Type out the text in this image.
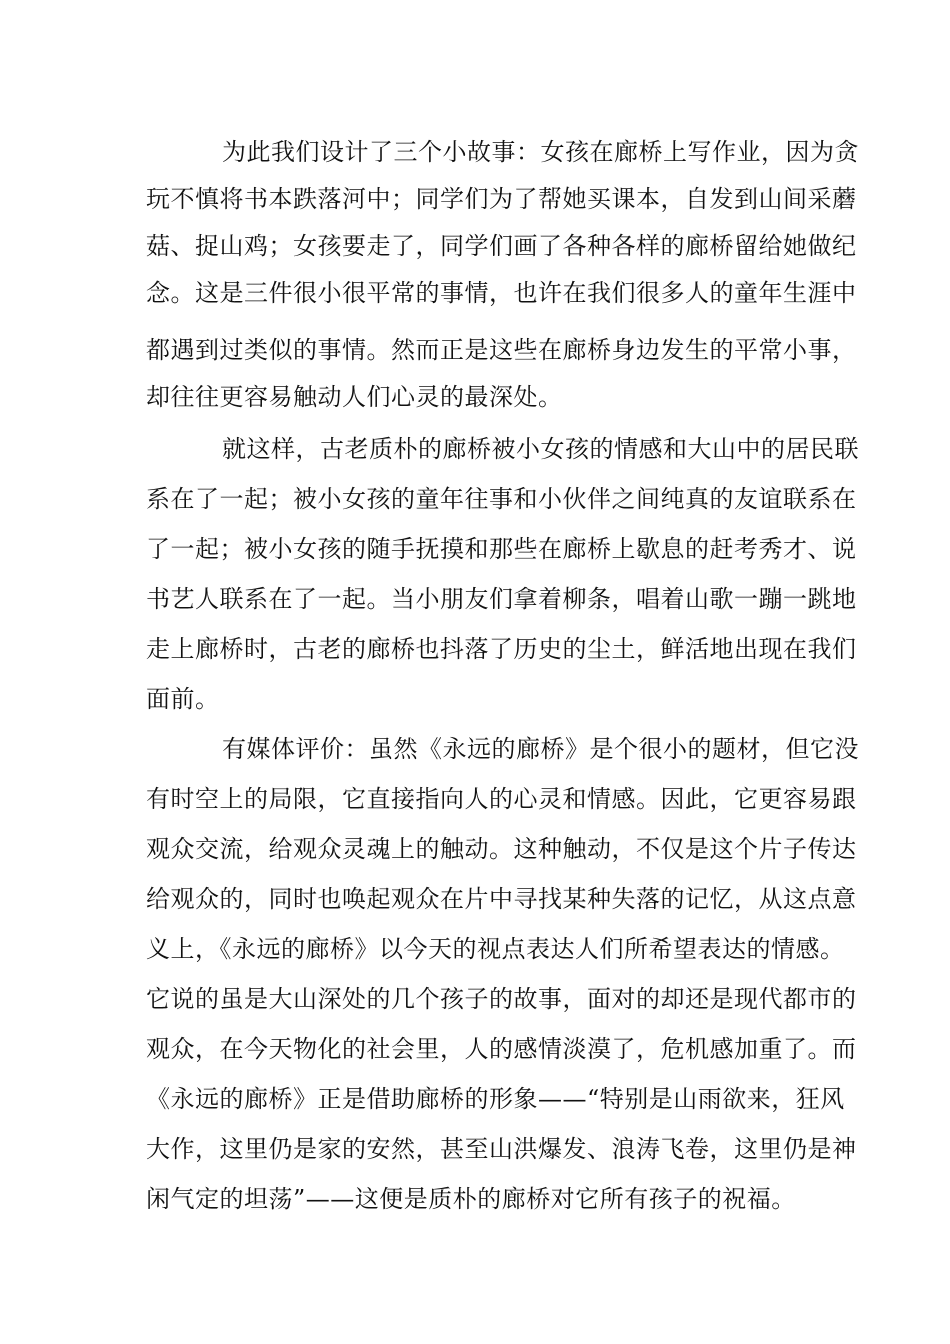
为此我们设计了三个小故事：女孩在廊桥上写作业，因为贪
玩不慎将书本跌落河中；同学们为了帮她买课本，自发到山间采蘑
菇、捉山鸡；女孩要走了，同学们画了各种各样的廊桥留给她做纪
念。这是三件很小很平常的事情，也许在我们很多人的童年生涯中
都遇到过类似的事情。然而正是这些在廊桥身边发生的平常小事，
却往往更容易触动人们心灵的最深处。
就这样，古老质朴的廊桥被小女孩的情感和大山中的居民联
系在了一起；被小女孩的童年往事和小伙伴之间纯真的友谊联系在
了一起；被小女孩的随手抚摸和那些在廊桥上歇息的赶考秀才、说
书艺人联系在了一起。当小朋友们拿着柳条，唱着山歌一蹦一跳地
走上廊桥时，古老的廊桥也抖落了历史的尘土，鲜活地出现在我们
面前。
有媒体评价：虽然《永远的廊桥》是个很小的题材，但它没
有时空上的局限，它直接指向人的心灵和情感。因此，它更容易跟
观众交流，给观众灵魂上的触动。这种触动，不仅是这个片子传达
给观众的，同时也唤起观众在片中寻找某种失落的记忆，从这点意
义上，《永远的廊桥》以今天的视点表达人们所希望表达的情感。
它说的虽是大山深处的几个孩子的故事，面对的却还是现代都市的
观众，在今天物化的社会里，人的感情淡漠了，危机感加重了。而
《永远的廊桥》正是借助廊桥的形象——“特别是山雨欲来，狂风
大作，这里仍是家的安然，甚至山洪爆发、浪涛飞卷，这里仍是神
闲气定的坦荡”——这便是质朴的廊桥对它所有孩子的祝福。
